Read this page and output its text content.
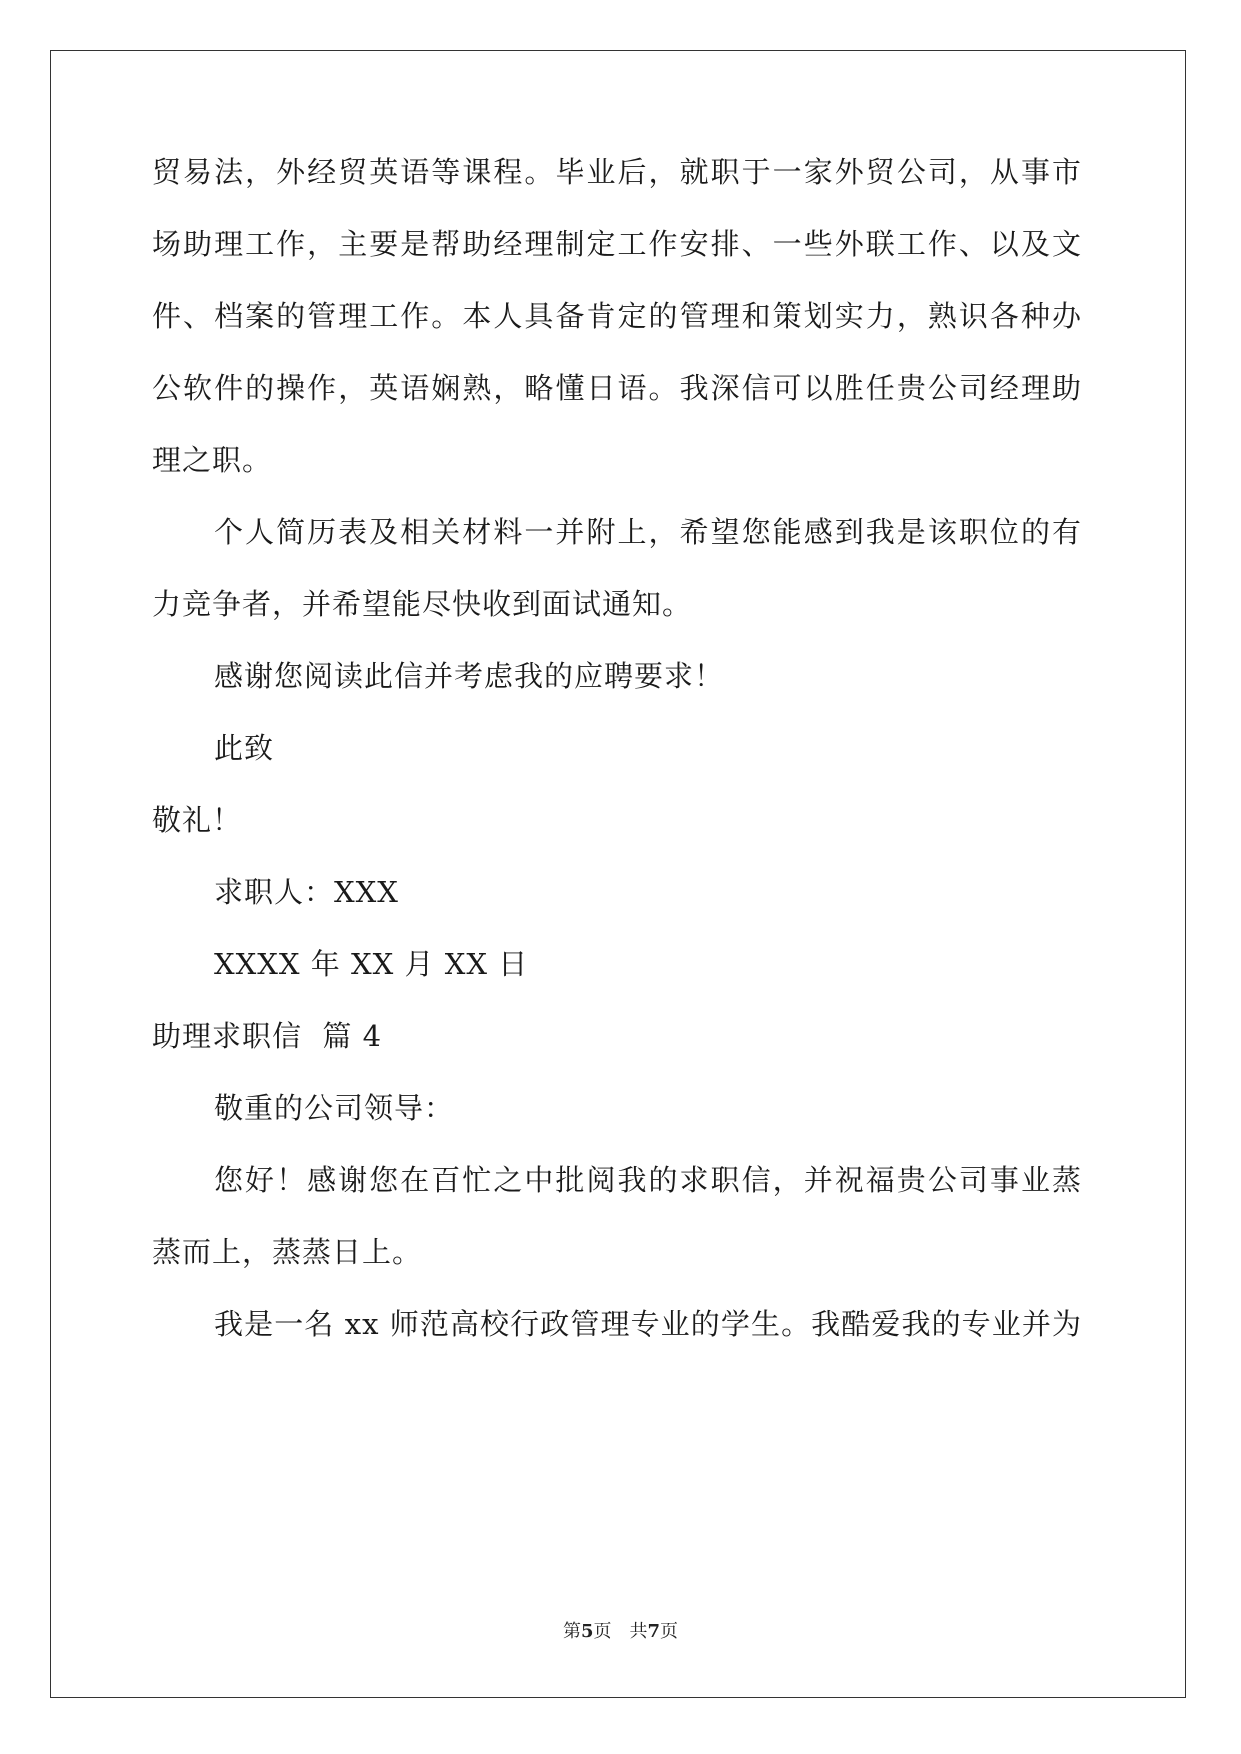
贸易法，外经贸英语等课程。毕业后，就职于一家外贸公司，从事市
场助理工作，主要是帮助经理制定工作安排、一些外联工作、以及文
件、档案的管理工作。本人具备肯定的管理和策划实力，熟识各种办
公软件的操作，英语娴熟，略懂日语。我深信可以胜任贵公司经理助
理之职。
个人简历表及相关材料一并附上，希望您能感到我是该职位的有
力竞争者，并希望能尽快收到面试通知。
感谢您阅读此信并考虑我的应聘要求！
此致
敬礼！
求职人：XXX
XXXX 年 XX 月 XX 日
助理求职信  篇 4
敬重的公司领导：
您好！感谢您在百忙之中批阅我的求职信，并祝福贵公司事业蒸
蒸而上，蒸蒸日上。
我是一名 xx 师范高校行政管理专业的学生。我酷爱我的专业并为
第5页 共7页
